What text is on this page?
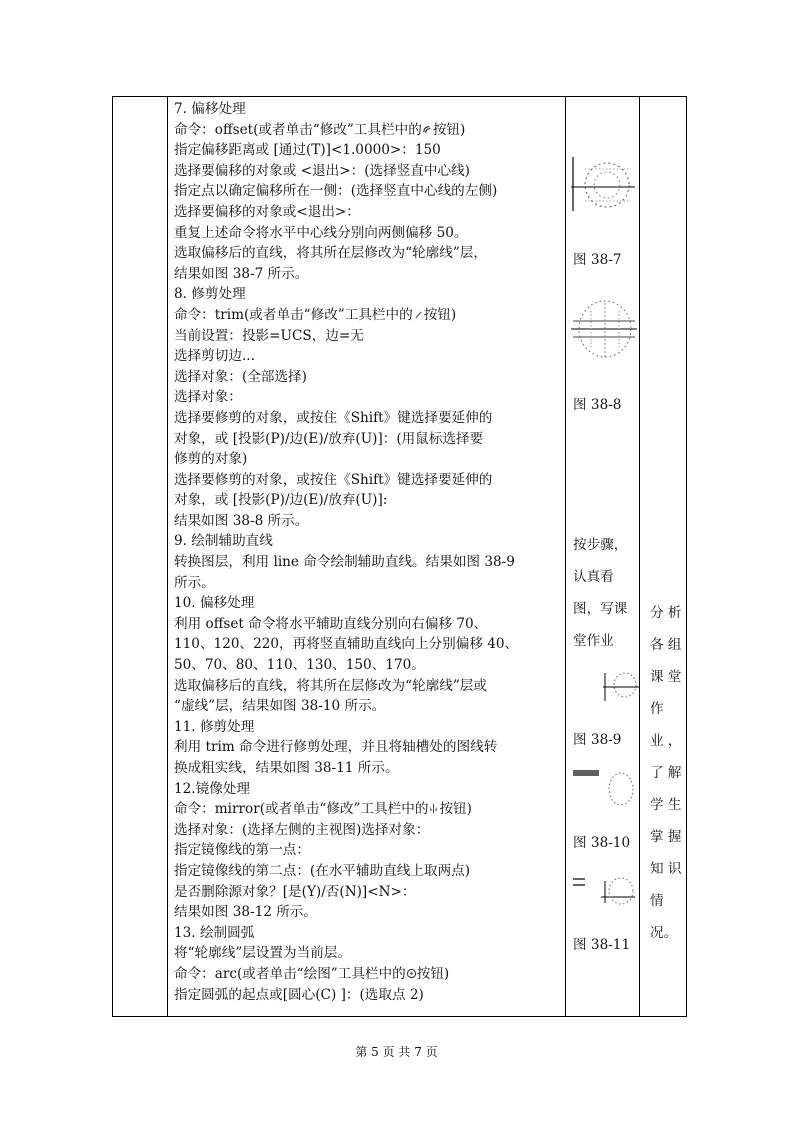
7. 偏移处理

命令：offset(或者单击“修改”工具栏中的 按钮)

指定偏移距离或 [通过(T)]<1.0000>：150

选择要偏移的对象或 <退出>：(选择竖直中心线)

指定点以确定偏移所在一侧：(选择竖直中心线的左侧)

选择要偏移的对象或<退出>：

重复上述命令将水平中心线分别向两侧偏移 50。

选取偏移后的直线，将其所在层修改为“轮廓线”层，

结果如图 38-7 所示。

8. 修剪处理

命令：trim(或者单击“修改”工具栏中的 按钮)

当前设置：投影=UCS，边=无

选择剪切边...

选择对象：(全部选择)

选择对象：

选择要修剪的对象，或按住《Shift》键选择要延伸的

对象，或 [投影(P)/边(E)/放弃(U)]：(用鼠标选择要

修剪的对象)

选择要修剪的对象，或按住《Shift》键选择要延伸的

对象，或 [投影(P)/边(E)/放弃(U)]:

结果如图 38-8 所示。

9. 绘制辅助直线

转换图层，利用 line 命令绘制辅助直线。结果如图 38-9

所示。

10. 偏移处理

利用 offset 命令将水平辅助直线分别向右偏移 70、

110、120、220，再将竖直辅助直线向上分别偏移 40、

50、70、80、110、130、150、170。

选取偏移后的直线，将其所在层修改为“轮廓线”层或

“虚线”层，结果如图 38-10 所示。

11. 修剪处理

利用 trim 命令进行修剪处理，并且将轴槽处的图线转

换成粗实线，结果如图 38-11 所示。

12.镜像处理

命令：mirror(或者单击“修改”工具栏中的 按钮)

选择对象：(选择左侧的主视图)选择对象：

指定镜像线的第一点：

指定镜像线的第二点：(在水平辅助直线上取两点)

是否删除源对象？[是(Y)/否(N)]<N>：

结果如图 38-12 所示。

13. 绘制圆弧

将“轮廓线”层设置为当前层。

命令：arc(或者单击“绘图”工具栏中的 按钮)

指定圆弧的起点或[圆心(C) ]：(选取点 2)

图 38-7
图 38-8
按步骤，
认真看
图，写课
堂作业
图 38-9
图 38-10
图 38-11
分 析
各 组
课 堂
作
业 ，
了 解
学 生
掌 握
知 识
情
况。
第 5 页 共 7 页
